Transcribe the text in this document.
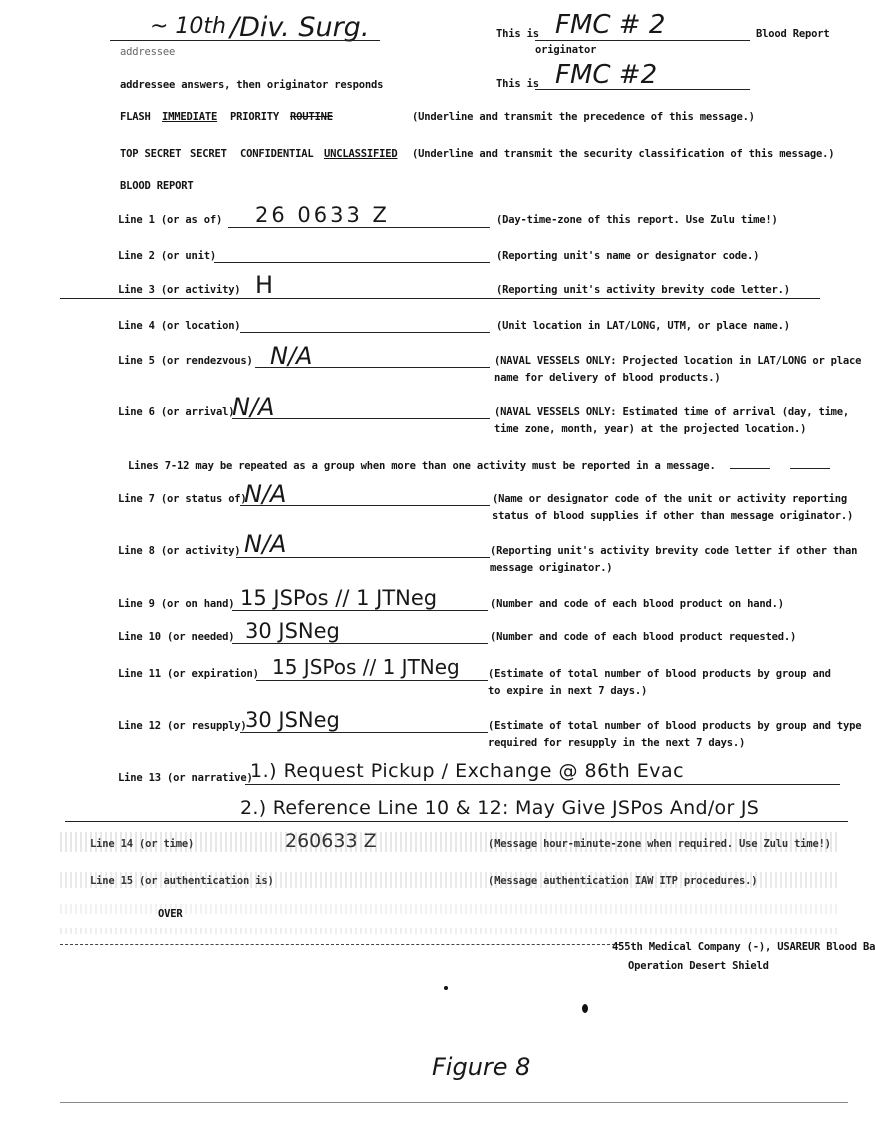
~ 10th /Div. Surg.
addressee
This is FMC # 2
originator
Blood Report
addressee answers, then originator responds	This is FMC #2
FLASH IMMEDIATE PRIORITY ROUTINE	(Underline and transmit the precedence of this message.)
TOP SECRET SECRET CONFIDENTIAL UNCLASSIFIED (Underline and transmit the security classification of this message.)
BLOOD REPORT
Line 1 (or as of) 26 0633 Z	(Day-time-zone of this report. Use Zulu time!)
Line 2 (or unit)	(Reporting unit's name or designator code.)
Line 3 (or activity) H	(Reporting unit's activity brevity code letter.)
Line 4 (or location)	(Unit location in LAT/LONG, UTM, or place name.)
Line 5 (or rendezvous) N/A	(NAVAL VESSELS ONLY: Projected location in LAT/LONG or place
name for delivery of blood products.)
Line 6 (or arrival)
N/A	(NAVAL VESSELS ONLY: Estimated time of arrival (day, time,
time zone, month, year) at the projected location.)
Lines 7-12 may be repeated as a group when more than one activity must be reported in a message.
Line 7 (or status of)
N/A	(Name or designator code of the unit or activity reporting
status of blood supplies if other than message originator.)
Line 8 (or activity) N/A	(Reporting unit's activity brevity code letter if other than
message originator.)
Line 9 (or on hand) 15 JSPos // 1 JTNeg	(Number and code of each blood product on hand.)
Line 10 (or needed) 30 JSNeg	(Number and code of each blood product requested.)
Line 11 (or expiration) 15 JSPos // 1 JTNeg	(Estimate of total number of blood products by group and
to expire in next 7 days.)
Line 12 (or resupply)
30 JSNeg	(Estimate of total number of blood products by group and type
required for resupply in the next 7 days.)
Line 13 (or narrative)
1.) Request Pickup / Exchange @ 86th Evac
2.) Reference Line 10 & 12: May Give JSPos And/or JS
Line 14 (or time)	260633 Z	(Message hour-minute-zone when required. Use Zulu time!)
Line 15 (or authentication is)	(Message authentication IAW ITP procedures.)
OVER
455th Medical Company (-), USAREUR Blood Ba
Operation Desert Shield
Figure 8
